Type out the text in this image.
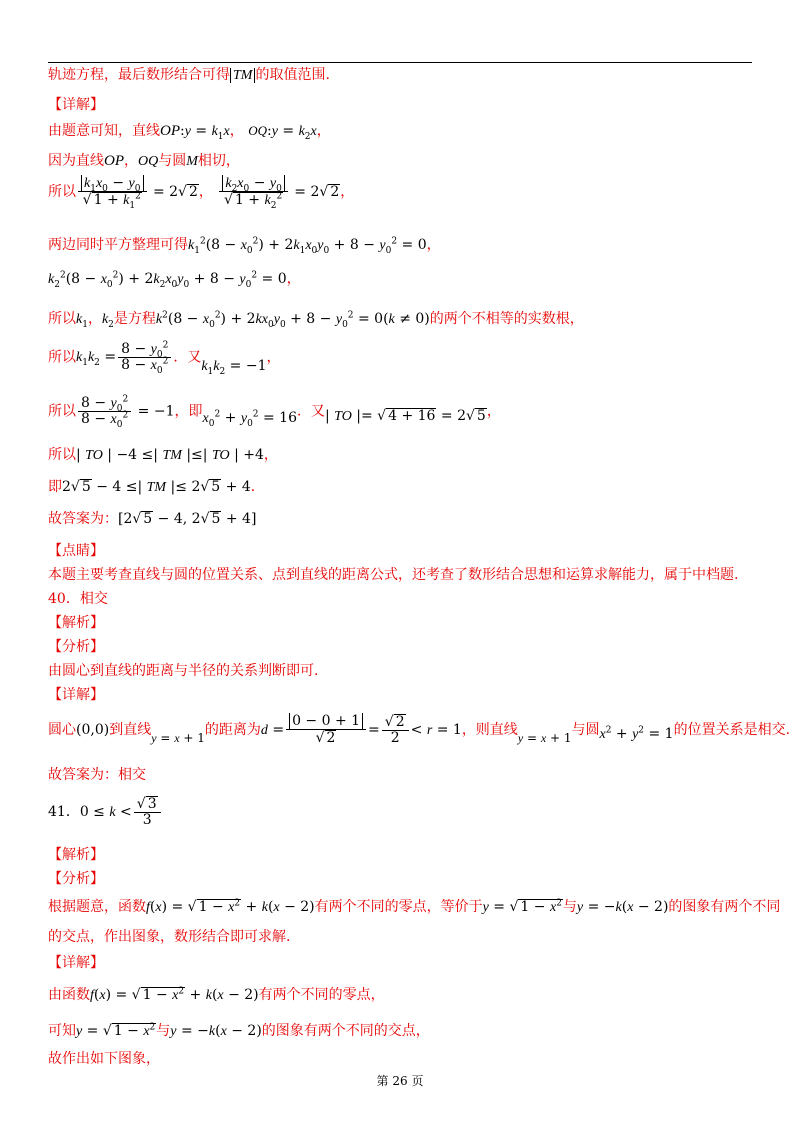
轨迹方程，最后数形结合可得 TM 的取值范围.
【详解】
由题意可知，直线OP:y = $k_1x$， OQ:y = $k_2x$，
因为直线OP，OQ与圆M相切，
所以 $\frac{k_1x_0 - y_0}{√ 1 + k_1^2} = 2√$ 2， $\frac{k_2x_0 - y_0}{√ 1 + k_2^2} = 2√$ 2，
两边同时平方整理可得$k_1^2(8 - x_0^2) + 2k_1x_0y_0 + 8 - y_0^2 = 0$，
$k_2^2(8 - x_0^2) + 2k_2x_0y_0 + 8 - y_0^2 = 0$，
所以$k_1$，$k_2$是方程$k^2(8 - x_0^2) + 2kx_0y_0 + 8 - y_0^2 = 0(k \ne 0)$的两个不相等的实数根，
所以$k_1k_2 = \frac{8 - y_0^2}{8 - x_0^2}$ ．又$k_1k_2 = -1$，
所以 $\frac{8 - y_0^2}{8 - x_0^2} = -1$，即$x_0^2 + y_0^2 = 16$．又| TO |= √ 4 + 16 = 2√ 5，
所以| TO | −4 ≤| TM |≤| TO | +4，
即2√ 5 − 4 ≤| TM |≤ 2√ 5 + 4．
故答案为：[2√ 5 − 4, 2√ 5 + 4]
【点睛】
本题主要考查直线与圆的位置关系、点到直线的距离公式，还考查了数形结合思想和运算求解能力，属于中档题.
40．相交
【解析】
【分析】
由圆心到直线的距离与半径的关系判断即可.
【详解】
圆心(0,0)到直线y = x + 1的距离为$d = \frac{0 - 0 + 1}{√ 2} = \frac{√ 2}{2} < r = 1$，则直线y = x + 1与圆$x^2 + y^2 = 1$的位置关系是相交.
故答案为：相交
41．$0 \le k < \frac{√ 3}{3}$
【解析】
【分析】
根据题意，函数f(x) = √ $1 - x^2 + k(x - 2)$有两个不同的零点，等价于y = √ $1 - x^2$与y = −k(x − 2)的图象有两个不同
的交点，作出图象，数形结合即可求解.
【详解】
由函数f(x) = √ $1 - x^2 + k(x - 2)$有两个不同的零点，
可知y = √ $1 - x^2$与y = −k(x − 2)的图象有两个不同的交点，
故作出如下图象，
第 26 页
